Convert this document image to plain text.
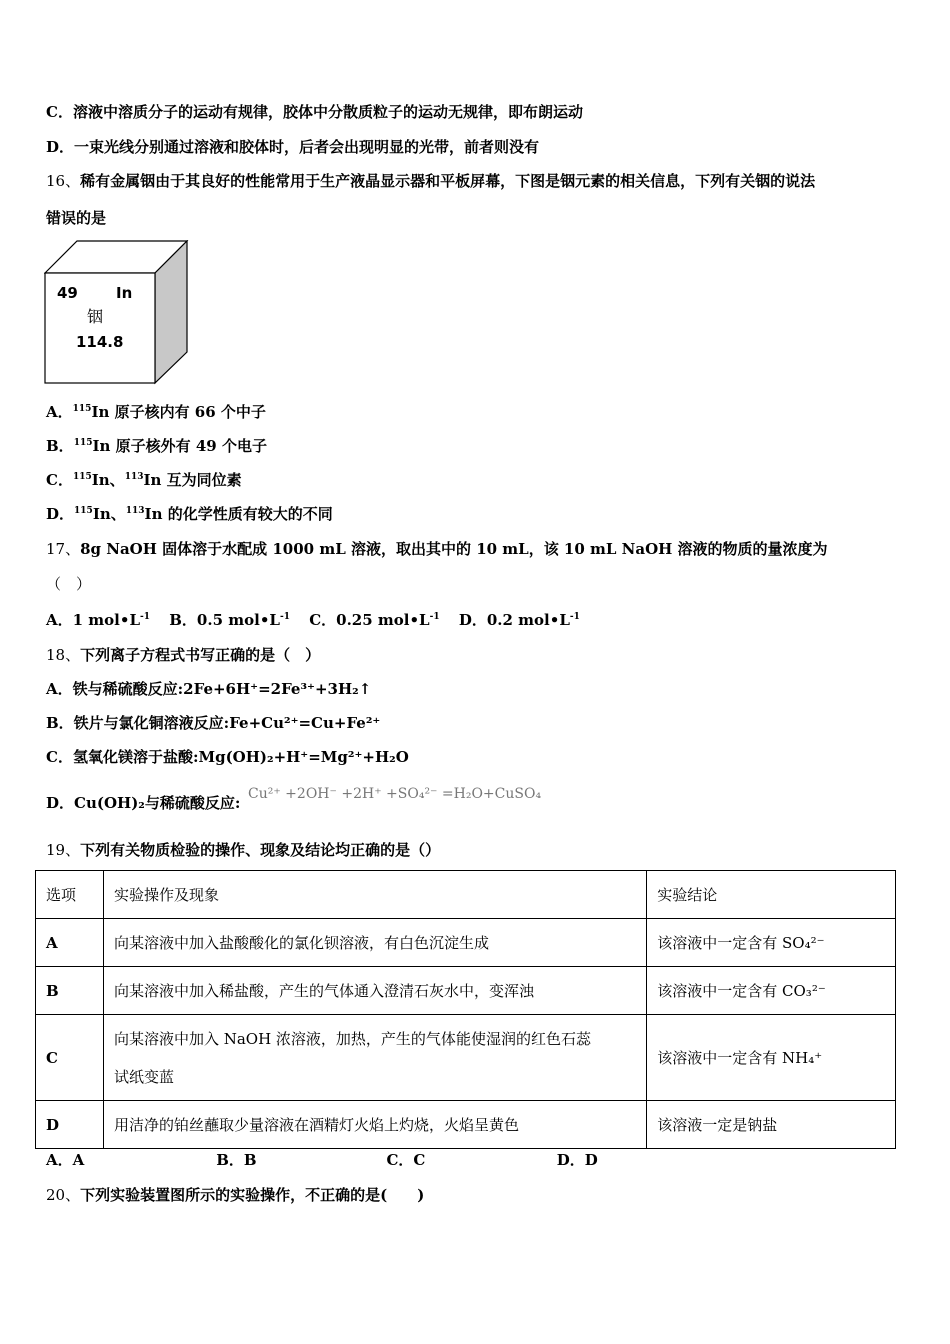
C．溶液中溶质分子的运动有规律，胶体中分散质粒子的运动无规律，即布朗运动
D．一束光线分别通过溶液和胶体时，后者会出现明显的光带，前者则没有
16、稀有金属铟由于其良好的性能常用于生产液晶显示器和平板屏幕，下图是铟元素的相关信息，下列有关铟的说法
错误的是
49	In
铟
114.8
A．$^{115}$In 原子核内有 66 个中子
B．$^{115}$In 原子核外有 49 个电子
C．$^{115}$In、$^{113}$In 互为同位素
D．$^{115}$In、$^{113}$In 的化学性质有较大的不同
17、8g NaOH 固体溶于水配成 1000 mL 溶液，取出其中的 10 mL，该 10 mL NaOH 溶液的物质的量浓度为
（　）
A．1 $mol•L^{-1}$ B．0.5 $mol•L^{-1}$ C．0.25 $mol•L^{-1}$ D．0.2 $mol•L^{-1}$
18、下列离子方程式书写正确的是（　）
A．铁与稀硫酸反应:2Fe+6H⁺=2Fe³⁺+3H₂↑
B．铁片与氯化铜溶液反应:Fe+Cu²⁺=Cu+Fe²⁺
C．氢氧化镁溶于盐酸:Mg(OH)₂+H⁺=Mg²⁺+H₂O
D．Cu(OH)₂与稀硫酸反应: Cu²⁺ +2OH⁻ +2H⁺ +SO₄²⁻ =H₂O+CuSO₄
19、下列有关物质检验的操作、现象及结论均正确的是（）
选项	实验操作及现象	实验结论
A	向某溶液中加入盐酸酸化的氯化钡溶液，有白色沉淀生成	该溶液中一定含有 SO₄²⁻
B	向某溶液中加入稀盐酸，产生的气体通入澄清石灰水中，变浑浊	该溶液中一定含有 CO₃²⁻
C	向某溶液中加入 NaOH 浓溶液，加热，产生的气体能使湿润的红色石蕊
试纸变蓝	该溶液中一定含有 NH₄⁺
D	用洁净的铂丝蘸取少量溶液在酒精灯火焰上灼烧，火焰呈黄色	该溶液一定是钠盐
A．A	B．B	C．C	D．D
20、下列实验装置图所示的实验操作，不正确的是(　　)
